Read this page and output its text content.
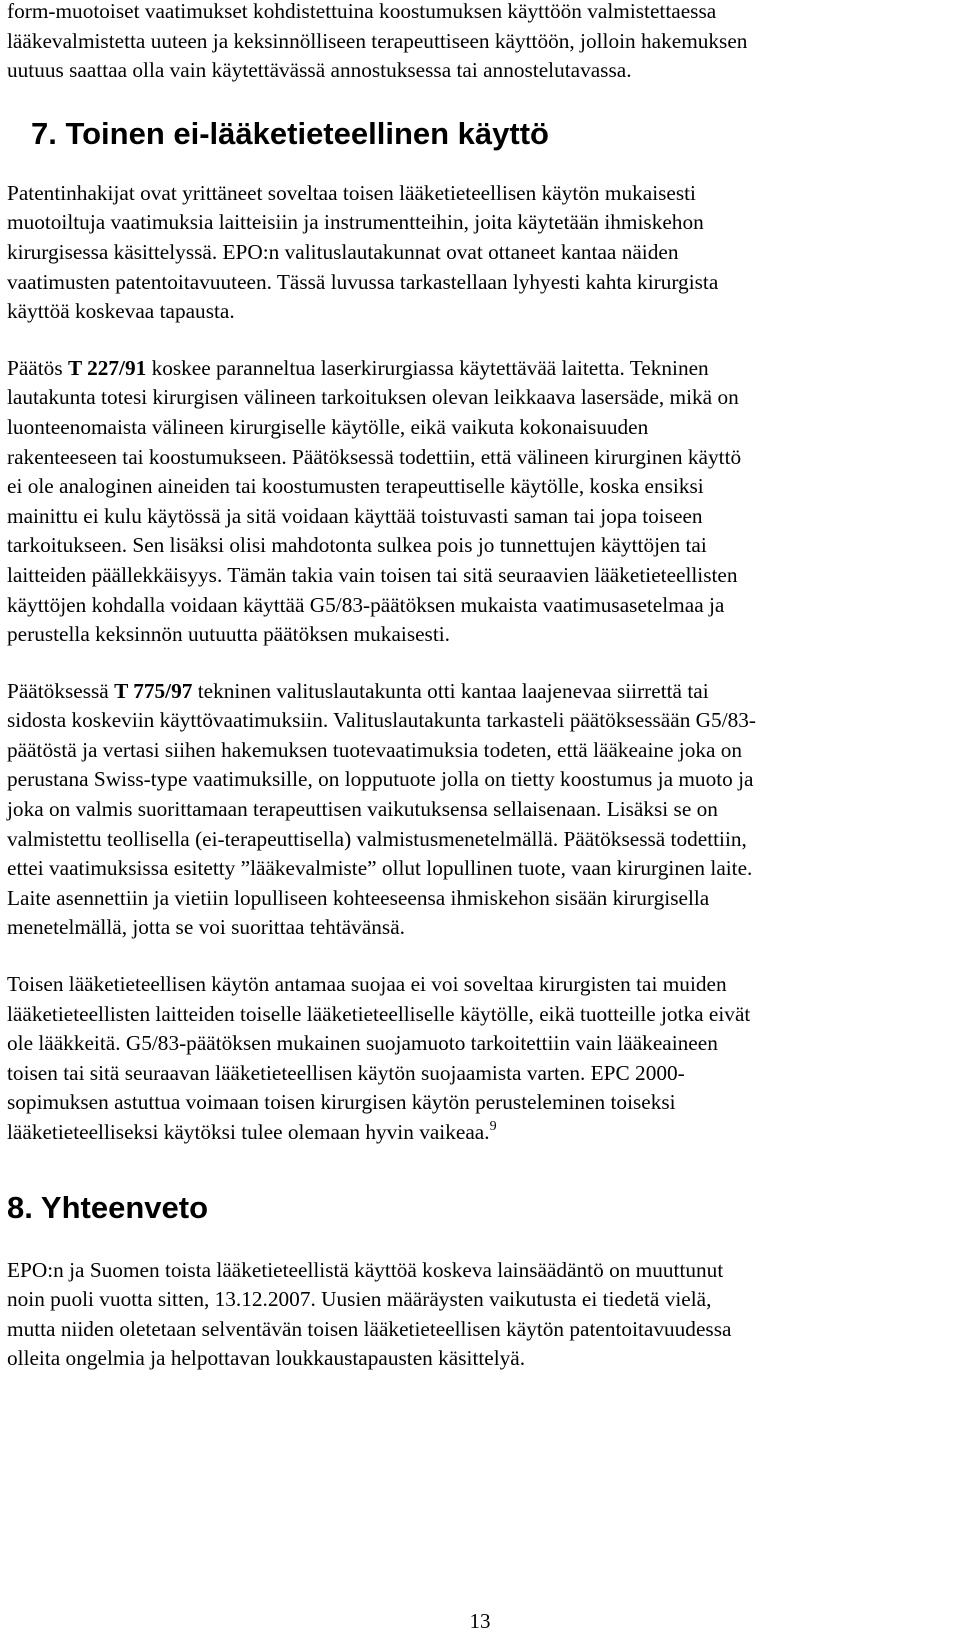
form-muotoiset vaatimukset kohdistettuina koostumuksen käyttöön valmistettaessa
lääkevalmistetta uuteen ja keksinnölliseen terapeuttiseen käyttöön, jolloin hakemuksen
uutuus saattaa olla vain käytettävässä annostuksessa tai annostelutavassa.

7. Toinen ei-lääketieteellinen käyttö

Patentinhakijat ovat yrittäneet soveltaa toisen lääketieteellisen käytön mukaisesti
muotoiltuja vaatimuksia laitteisiin ja instrumentteihin, joita käytetään ihmiskehon
kirurgisessa käsittelyssä. EPO:n valituslautakunnat ovat ottaneet kantaa näiden
vaatimusten patentoitavuuteen. Tässä luvussa tarkastellaan lyhyesti kahta kirurgista
käyttöä koskevaa tapausta.

Päätös T 227/91 koskee paranneltua laserkirurgiassa käytettävää laitetta. Tekninen
lautakunta totesi kirurgisen välineen tarkoituksen olevan leikkaava lasersäde, mikä on
luonteenomaista välineen kirurgiselle käytölle, eikä vaikuta kokonaisuuden
rakenteeseen tai koostumukseen. Päätöksessä todettiin, että välineen kirurginen käyttö
ei ole analoginen aineiden tai koostumusten terapeuttiselle käytölle, koska ensiksi
mainittu ei kulu käytössä ja sitä voidaan käyttää toistuvasti saman tai jopa toiseen
tarkoitukseen. Sen lisäksi olisi mahdotonta sulkea pois jo tunnettujen käyttöjen tai
laitteiden päällekkäisyys. Tämän takia vain toisen tai sitä seuraavien lääketieteellisten
käyttöjen kohdalla voidaan käyttää G5/83-päätöksen mukaista vaatimusasetelmaa ja
perustella keksinnön uutuutta päätöksen mukaisesti.

Päätöksessä T 775/97 tekninen valituslautakunta otti kantaa laajenevaa siirrettä tai
sidosta koskeviin käyttövaatimuksiin. Valituslautakunta tarkasteli päätöksessään G5/83-
päätöstä ja vertasi siihen hakemuksen tuotevaatimuksia todeten, että lääkeaine joka on
perustana Swiss-type vaatimuksille, on lopputuote jolla on tietty koostumus ja muoto ja
joka on valmis suorittamaan terapeuttisen vaikutuksensa sellaisenaan. Lisäksi se on
valmistettu teollisella (ei-terapeuttisella) valmistusmenetelmällä. Päätöksessä todettiin,
ettei vaatimuksissa esitetty ”lääkevalmiste” ollut lopullinen tuote, vaan kirurginen laite.
Laite asennettiin ja vietiin lopulliseen kohteeseensa ihmiskehon sisään kirurgisella
menetelmällä, jotta se voi suorittaa tehtävänsä.

Toisen lääketieteellisen käytön antamaa suojaa ei voi soveltaa kirurgisten tai muiden
lääketieteellisten laitteiden toiselle lääketieteelliselle käytölle, eikä tuotteille jotka eivät
ole lääkkeitä. G5/83-päätöksen mukainen suojamuoto tarkoitettiin vain lääkeaineen
toisen tai sitä seuraavan lääketieteellisen käytön suojaamista varten. EPC 2000-
sopimuksen astuttua voimaan toisen kirurgisen käytön perusteleminen toiseksi
lääketieteelliseksi käytöksi tulee olemaan hyvin vaikeaa.$^9$

8. Yhteenveto

EPO:n ja Suomen toista lääketieteellistä käyttöä koskeva lainsäädäntö on muuttunut
noin puoli vuotta sitten, 13.12.2007. Uusien määräysten vaikutusta ei tiedetä vielä,
mutta niiden oletetaan selventävän toisen lääketieteellisen käytön patentoitavuudessa
olleita ongelmia ja helpottavan loukkaustapausten käsittelyä.

13
